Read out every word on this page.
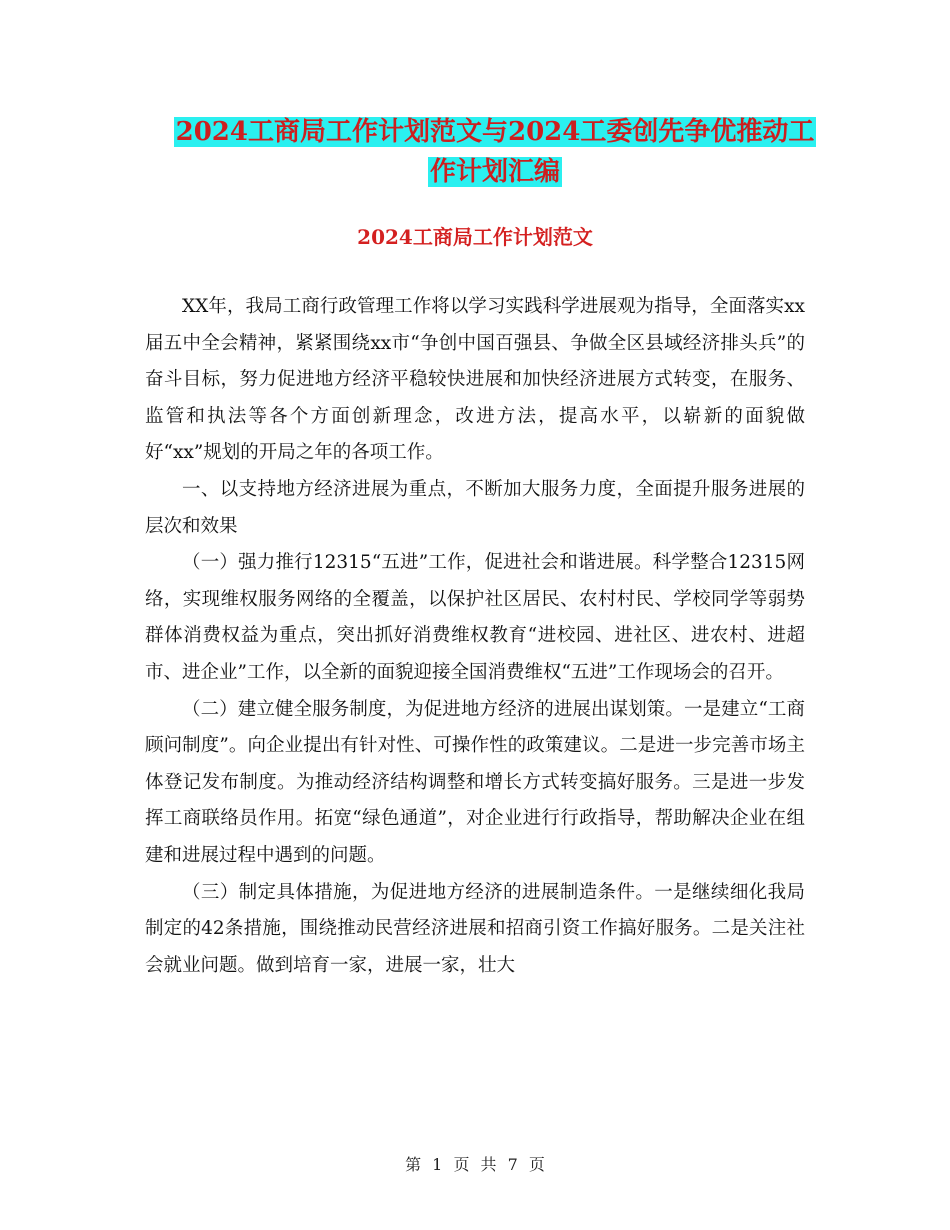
2024工商局工作计划范文与2024工委创先争优推动工
作计划汇编
2024工商局工作计划范文

XX年，我局工商行政管理工作将以学习实践科学进展观为指导，全面落实xx届五中全会精神，紧紧围绕xx市“争创中国百强县、争做全区县域经济排头兵”的奋斗目标，努力促进地方经济平稳较快进展和加快经济进展方式转变，在服务、监管和执法等各个方面创新理念，改进方法，提高水平，以崭新的面貌做好“xx”规划的开局之年的各项工作。

一、以支持地方经济进展为重点，不断加大服务力度，全面提升服务进展的层次和效果

（一）强力推行12315“五进”工作，促进社会和谐进展。科学整合12315网络，实现维权服务网络的全覆盖，以保护社区居民、农村村民、学校同学等弱势群体消费权益为重点，突出抓好消费维权教育“进校园、进社区、进农村、进超市、进企业”工作，以全新的面貌迎接全国消费维权“五进”工作现场会的召开。

（二）建立健全服务制度，为促进地方经济的进展出谋划策。一是建立“工商顾问制度”。向企业提出有针对性、可操作性的政策建议。二是进一步完善市场主体登记发布制度。为推动经济结构调整和增长方式转变搞好服务。三是进一步发挥工商联络员作用。拓宽“绿色通道”，对企业进行行政指导，帮助解决企业在组建和进展过程中遇到的问题。

（三）制定具体措施，为促进地方经济的进展制造条件。一是继续细化我局制定的42条措施，围绕推动民营经济进展和招商引资工作搞好服务。二是关注社会就业问题。做到培育一家，进展一家，壮大

第 1 页 共 7 页
